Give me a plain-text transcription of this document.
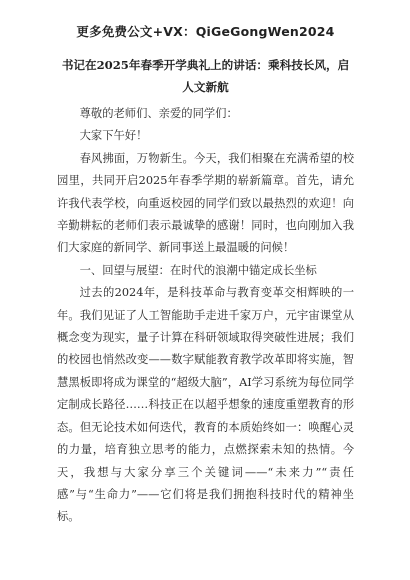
更多免费公文+VX：QiGeGongWen2024
书记在2025年春季开学典礼上的讲话：乘科技长风，启人文新航

尊敬的老师们、亲爱的同学们：

大家下午好！

春风拂面，万物新生。今天，我们相聚在充满希望的校园里，共同开启2025年春季学期的崭新篇章。首先，请允许我代表学校，向重返校园的同学们致以最热烈的欢迎！向辛勤耕耘的老师们表示最诚挚的感谢！同时，也向刚加入我们大家庭的新同学、新同事送上最温暖的问候！

一、回望与展望：在时代的浪潮中锚定成长坐标

过去的2024年，是科技革命与教育变革交相辉映的一年。我们见证了人工智能助手走进千家万户，元宇宙课堂从概念变为现实，量子计算在科研领域取得突破性进展；我们的校园也悄然改变——数字赋能教育教学改革即将实施，智慧黑板即将成为课堂的“超级大脑”，AI学习系统为每位同学定制成长路径……科技正在以超乎想象的速度重塑教育的形态。但无论技术如何迭代，教育的本质始终如一：唤醒心灵的力量，培育独立思考的能力，点燃探索未知的热情。今天，我想与大家分享三个关键词——“未来力”“责任感”与“生命力”——它们将是我们拥抱科技时代的精神坐标。
